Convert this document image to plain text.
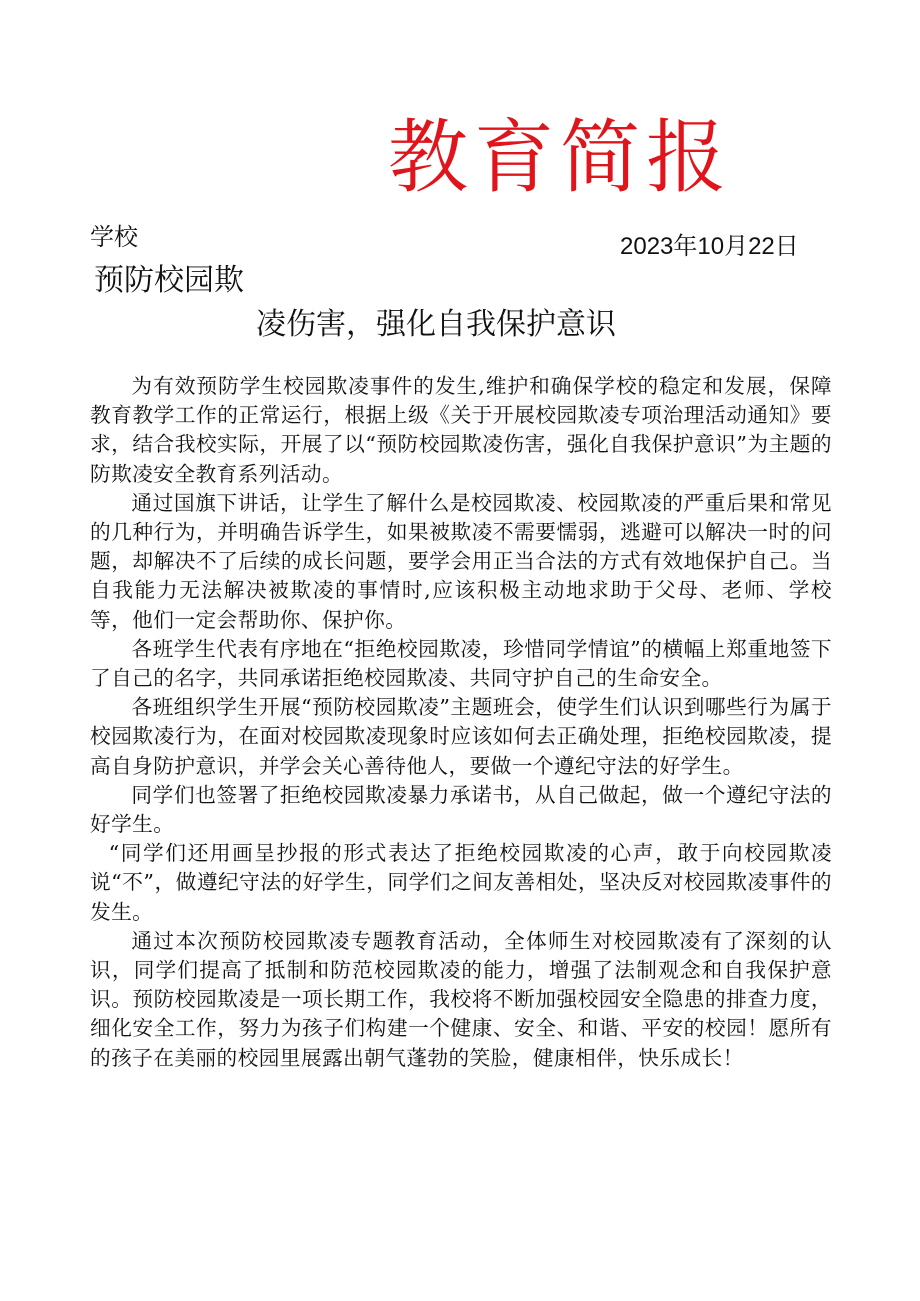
教育简报
学校	2023年10月22日
预防校园欺
凌伤害，强化自我保护意识

为有效预防学生校园欺凌事件的发生,维护和确保学校的稳定和发展，保障教育教学工作的正常运行，根据上级《关于开展校园欺凌专项治理活动通知》要求，结合我校实际，开展了以“预防校园欺凌伤害，强化自我保护意识”为主题的防欺凌安全教育系列活动。

通过国旗下讲话，让学生了解什么是校园欺凌、校园欺凌的严重后果和常见的几种行为，并明确告诉学生，如果被欺凌不需要懦弱，逃避可以解决一时的问题，却解决不了后续的成长问题，要学会用正当合法的方式有效地保护自己。当自我能力无法解决被欺凌的事情时,应该积极主动地求助于父母、老师、学校等，他们一定会帮助你、保护你。

各班学生代表有序地在“拒绝校园欺凌，珍惜同学情谊”的横幅上郑重地签下了自己的名字，共同承诺拒绝校园欺凌、共同守护自己的生命安全。

各班组织学生开展“预防校园欺凌”主题班会，使学生们认识到哪些行为属于校园欺凌行为，在面对校园欺凌现象时应该如何去正确处理，拒绝校园欺凌，提高自身防护意识，并学会关心善待他人，要做一个遵纪守法的好学生。

同学们也签署了拒绝校园欺凌暴力承诺书，从自己做起，做一个遵纪守法的好学生。

“同学们还用画呈抄报的形式表达了拒绝校园欺凌的心声，敢于向校园欺凌说“不”，做遵纪守法的好学生，同学们之间友善相处，坚决反对校园欺凌事件的发生。

通过本次预防校园欺凌专题教育活动，全体师生对校园欺凌有了深刻的认识，同学们提高了抵制和防范校园欺凌的能力，增强了法制观念和自我保护意识。预防校园欺凌是一项长期工作，我校将不断加强校园安全隐患的排查力度，细化安全工作，努力为孩子们构建一个健康、安全、和谐、平安的校园！愿所有的孩子在美丽的校园里展露出朝气蓬勃的笑脸，健康相伴，快乐成长！
